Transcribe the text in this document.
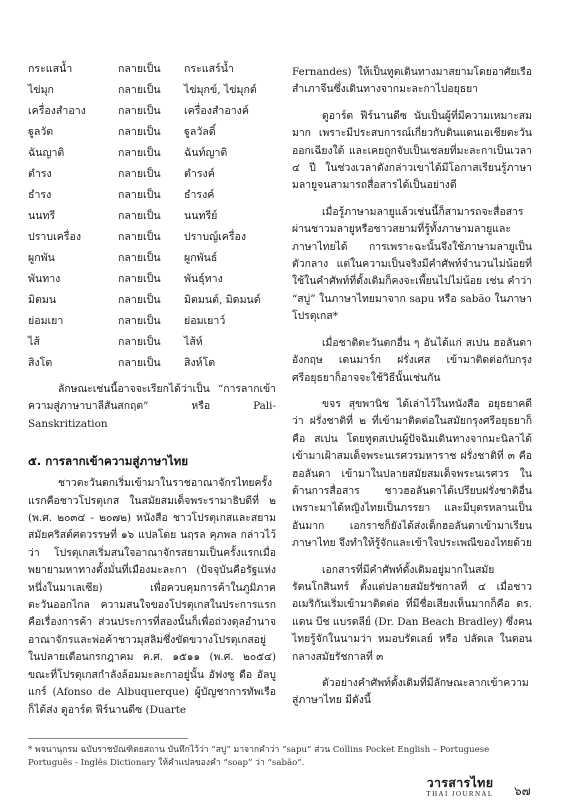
กระแสน้ำ	กลายเป็น	กระแสร์น้ำ
ไข่มุก	กลายเป็น	ไข่มุกข์, ไข่มุกต์
เครื่องสำอาง	กลายเป็น	เครื่องสำอางค์
ฐูลวัต	กลายเป็น	ฐูลวัลดิ์
ฉันญาติ	กลายเป็น	ฉันท์ญาติ
ตำรง	กลายเป็น	ตำรงค์
ธำรง	กลายเป็น	ธำรงค์
นนทรี	กลายเป็น	นนทรีย์
ปราบเครื่อง	กลายเป็น	ปราบญ์เครื่อง
ผูกพัน	กลายเป็น	ผูกพันธ์
พันทาง	กลายเป็น	พันธุ์ทาง
มิตมน	กลายเป็น	มิตมนต์, มิดมนต์
ย่อมเยา	กลายเป็น	ย่อมเยาว์
ไส้	กลายเป็น	ไส้ห์
สิงโต	กลายเป็น	สิงห์โต

ลักษณะเช่นนี้อาจจะเรียกได้ว่าเป็น “การลากเข้าความสู่ภาษาบาลีสันสกฤต” หรือ Pali-Sanskritization

๕. การลากเข้าความสู่ภาษาไทย

ชาวตะวันตกเริ่มเข้ามาในราชอาณาจักรไทยครั้งแรกคือชาวโปรตุเกส ในสมัยสมเด็จพระรามาธิบดีที่ ๒ (พ.ศ. ๒๐๓๔ - ๒๐๗๒) หนังสือ ชาวโปรตุเกสและสยาม สมัยคริสต์ศตวรรษที่ ๑๖ แปลโดย นฤรล คุภพล กล่าวไว้ว่า โปรตุเกสเริ่มสนใจอาณาจักรสยามเป็นครั้งแรกเมื่อพยายามหาทางตั้งมั่นที่เมืองมะละกา (ปัจจุบันคือรัฐแห่งหนึ่งในมาเลเซีย) เพื่อควบคุมการค้าในภูมิภาคตะวันออกไกล ความสนใจของโปรตุเกสในประการแรกคือเรื่องการค้า ส่วนประการที่สองนั้นก็เพื่อถ่วงดุลอำนาจอาณาจักรและพ่อค้าชาวมุสลิมซึ่งขัดขวางโปรตุเกสอยู่ ในปลายเดือนกรกฎาคม ค.ศ. ๑๕๑๑ (พ.ศ. ๒๐๕๔) ขณะที่โปรตุเกสกำลังล้อมมะละกาอยู่นั้น อัฟงซู ดือ อัลบูแกร์ (Afonso de Albuquerque) ผู้บัญชาการทัพเรือก็ได้ส่ง ดูอาร์ต ฟีร์นานดีซ (Duarte

Fernandes) ให้เป็นทูตเดินทางมาสยามโดยอาศัยเรือสำเภาจีนซึ่งเดินทางจากมะละกาไปอยุธยา

ดูอาร์ต ฟีร์นานดีซ นับเป็นผู้ที่มีความเหมาะสมมาก เพราะมีประสบการณ์เกี่ยวกับดินแดนเอเชียตะวันออกเฉียงใต้ และเคยถูกจับเป็นเชลยที่มะละกาเป็นเวลา ๔ ปี ในช่วงเวลาดังกล่าวเขาได้มีโอกาสเรียนรู้ภาษามลายูจนสามารถสื่อสารได้เป็นอย่างดี

เมื่อรู้ภาษามลายูแล้วเช่นนี้ก็สามารถจะสื่อสารผ่านชาวมลายูหรือชาวสยามที่รู้ทั้งภาษามลายูและภาษาไทยได้ การเพราะฉะนั้นจึงใช้ภาษามลายูเป็นตัวกลาง แต่ในความเป็นจริงมีคำศัพท์จำนวนไม่น้อยที่ใช้ในคำศัพท์ที่ดั้งเดิมก็คงจะเพี้ยนไปไม่น้อย เช่น คำว่า “สบู่” ในภาษาไทยมาจาก sapu หรือ sabão ในภาษาโปรตุเกส*

เมื่อชาติตะวันตกอื่น ๆ อันได้แก่ สเปน ฮอลันดาอังกฤษ เดนมาร์ก ฝรั่งเศส เข้ามาติดต่อกับกรุงศรีอยุธยาก็อาจจะใช้วิธีนั้นเช่นกัน

ขจร สุขพานิช ได้เล่าไว้ในหนังสือ อยุธยาคดี ว่า ฝรั่งชาติที่ ๒ ที่เข้ามาติดต่อในสมัยกรุงศรีอยุธยาก็คือ สเปน โดยทูตสเปนผู้ปัจฉิมเดินทางจากมะนิลาได้เข้ามาเฝ้าสมเด็จพระนเรศวรมหาราช ฝรั่งชาติที่ ๓ คือ ฮอลันดา เข้ามาในปลายสมัยสมเด็จพระนเรศวร ในด้านการสื่อสาร ชาวฮอลันดาได้เปรียบฝรั่งชาติอื่นเพราะมาได้หญิงไทยเป็นภรรยา และมีบุตรหลานเป็นอันมาก เอกราชก็ยังได้ส่งเด็กฮอลันดาเข้ามาเรียนภาษาไทย จึงทำให้รู้จักและเข้าใจประเพณีของไทยด้วย

เอกสารที่มีคำศัพท์ดั้งเดิมอยู่มากในสมัยรัตนโกสินทร์ ตั้งแต่ปลายสมัยรัชกาลที่ ๔ เมื่อชาวอเมริกันเริ่มเข้ามาติดต่อ ที่มีชื่อเสียงเห็นมากก็คือ ดร. แดน บีช แบรดลีย์ (Dr. Dan Beach Bradley) ซึ่งคนไทยรู้จักในนามว่า หมอบรัดเลย์ หรือ ปลัดเล ในตอนกลางสมัยรัชกาลที่ ๓

ตัวอย่างคำศัพท์ดั้งเดิมที่มีลักษณะลากเข้าความสู่ภาษาไทย มีดังนี้

* พจนานุกรม ฉบับราชบัณฑิตยสถาน บันทึกไว้ว่า “สบู่” มาจากคำว่า “sapu” ส่วน Collins Pocket English – Portuguese Português - Inglês Dictionary ให้คำแปลของคำ “soap” ว่า “sabão”.
วารสารไทย
THAI JOURNAL	๖๗
